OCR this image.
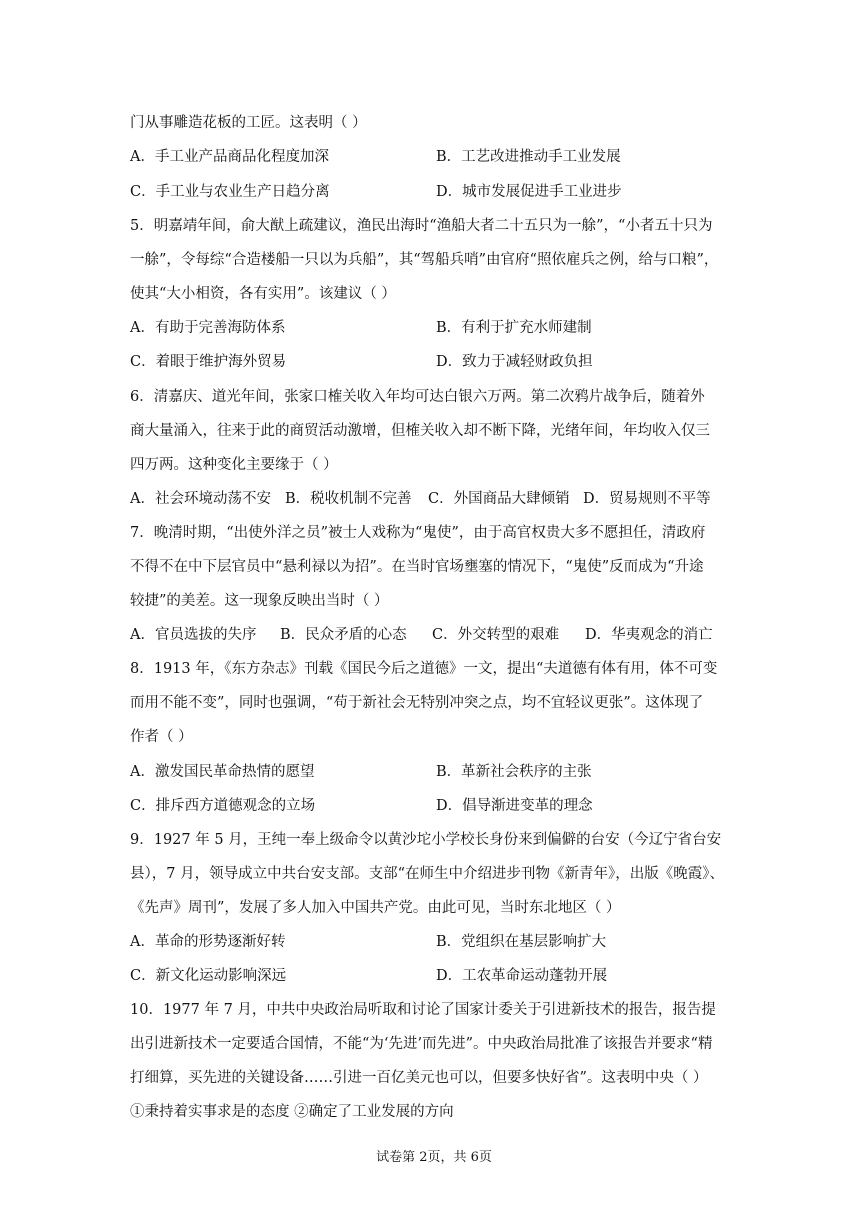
门从事雕造花板的工匠。这表明（ ）
A．手工业产品商品化程度加深	B．工艺改进推动手工业发展
C．手工业与农业生产日趋分离	D．城市发展促进手工业进步
5．明嘉靖年间，俞大猷上疏建议，渔民出海时“渔船大者二十五只为一艅”，“小者五十只为
一艅”，令每综“合造楼船一只以为兵船”，其“驾船兵哨”由官府“照依雇兵之例，给与口粮”，
使其“大小相资，各有实用”。该建议（ ）
A．有助于完善海防体系	B．有利于扩充水师建制
C．着眼于维护海外贸易	D．致力于减轻财政负担
6．清嘉庆、道光年间，张家口榷关收入年均可达白银六万两。第二次鸦片战争后，随着外
商大量涌入，往来于此的商贸活动激增，但榷关收入却不断下降，光绪年间，年均收入仅三
四万两。这种变化主要缘于（ ）
A．社会环境动荡不安 B．税收机制不完善 C．外国商品大肆倾销 D．贸易规则不平等
7．晚清时期，“出使外洋之员”被士人戏称为“鬼使”，由于高官权贵大多不愿担任，清政府
不得不在中下层官员中“悬利禄以为招”。在当时官场壅塞的情况下，“鬼使”反而成为“升途
较捷”的美差。这一现象反映出当时（ ）
A．官员选拔的失序 B．民众矛盾的心态 C．外交转型的艰难 D．华夷观念的消亡
8．1913 年，《东方杂志》刊载《国民今后之道德》一文，提出“夫道德有体有用，体不可变
而用不能不变”，同时也强调，“苟于新社会无特别冲突之点，均不宜轻议更张”。这体现了
作者（ ）
A．激发国民革命热情的愿望	B．革新社会秩序的主张
C．排斥西方道德观念的立场	D．倡导渐进变革的理念
9．1927 年 5 月，王纯一奉上级命令以黄沙坨小学校长身份来到偏僻的台安（今辽宁省台安
县），7 月，领导成立中共台安支部。支部“在师生中介绍进步刊物《新青年》，出版《晚霞》、
《先声》周刊”，发展了多人加入中国共产党。由此可见，当时东北地区（ ）
A．革命的形势逐渐好转	B．党组织在基层影响扩大
C．新文化运动影响深远	D．工农革命运动蓬勃开展
10．1977 年 7 月，中共中央政治局听取和讨论了国家计委关于引进新技术的报告，报告提
出引进新技术一定要适合国情，不能“为‘先进’而先进”。中央政治局批准了该报告并要求“精
打细算，买先进的关键设备……引进一百亿美元也可以，但要多快好省”。这表明中央（ ）
①秉持着实事求是的态度 ②确定了工业发展的方向
试卷第 2页，共 6页
